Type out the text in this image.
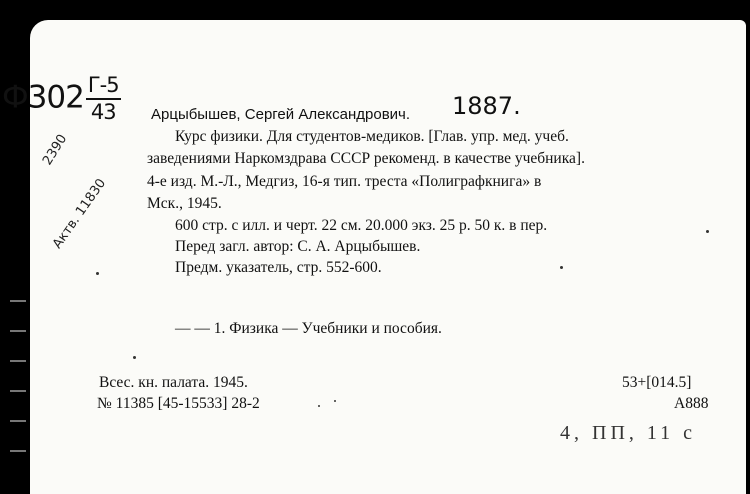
$Ф302 \frac{Г-5}{43}$	1887.
2390
Актв. 11830
Арцыбышев, Сергей Александрович.
Курс физики. Для студентов-медиков. [Глав. упр. мед. учеб.
заведениями Наркомздрава СССР рекоменд. в качестве учебника].
4-е изд. М.-Л., Медгиз, 16-я тип. треста «Полиграфкнига» в
Мск., 1945.
600 стр. с илл. и черт. 22 см. 20.000 экз. 25 р. 50 к. в пер.
Перед загл. автор: С. А. Арцыбышев.
Предм. указатель, стр. 552-600.
— — 1. Физика — Учебники и пособия.
Всес. кн. палата. 1945.
№ 11385 [45-15533] 28-2
53+[014.5]
А888
4, ПП, 11 с
